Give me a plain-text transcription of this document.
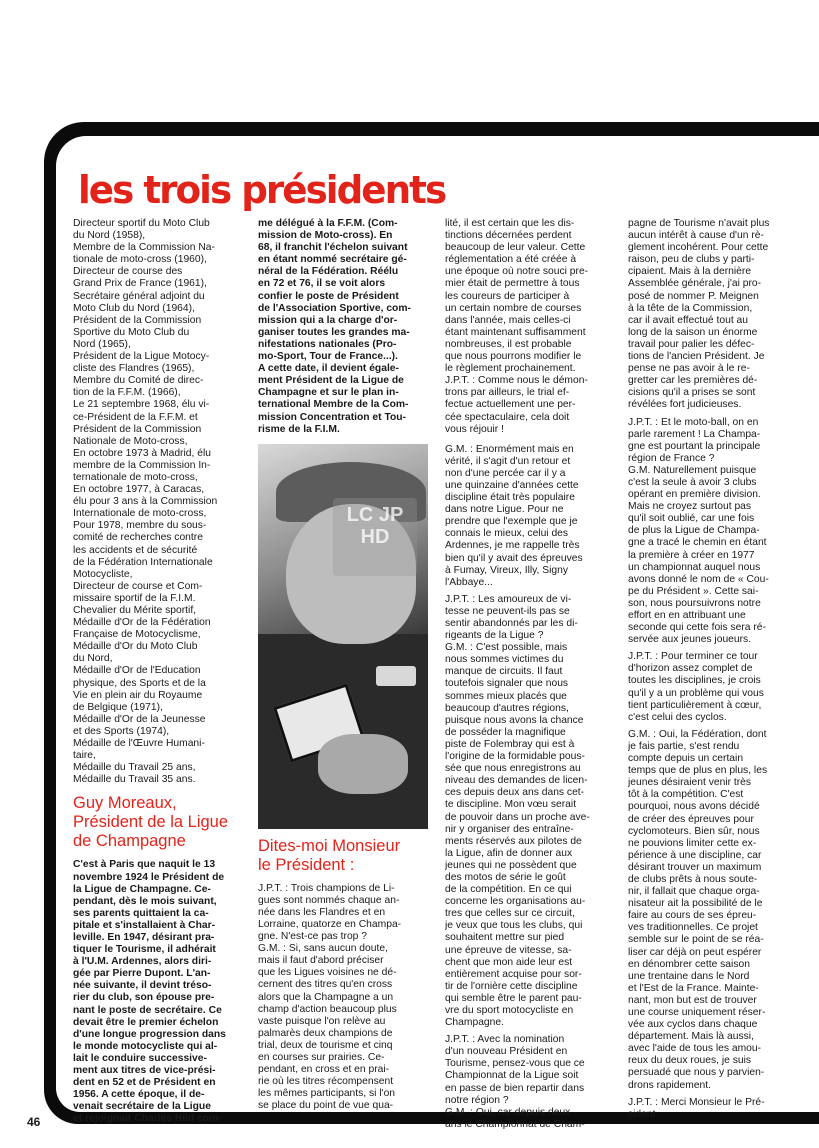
les trois présidents
Directeur sportif du Moto Club
du Nord (1958),
Membre de la Commission Na-
tionale de moto-cross (1960),
Directeur de course des
Grand Prix de France (1961),
Secrétaire général adjoint du
Moto Club du Nord (1964),
Président de la Commission
Sportive du Moto Club du
Nord (1965),
Président de la Ligue Motocy-
cliste des Flandres (1965),
Membre du Comité de direc-
tion de la F.F.M. (1966),
Le 21 septembre 1968, élu vi-
ce-Président de la F.F.M. et
Président de la Commission
Nationale de Moto-cross,
En octobre 1973 à Madrid, élu
membre de la Commission In-
ternationale de moto-cross,
En octobre 1977, à Caracas,
élu pour 3 ans à la Commission
Internationale de moto-cross,
Pour 1978, membre du sous-
comité de recherches contre
les accidents et de sécurité
de la Fédération Internationale
Motocycliste,
Directeur de course et Com-
missaire sportif de la F.I.M.
Chevalier du Mérite sportif,
Médaille d'Or de la Fédération
Française de Motocyclisme,
Médaille d'Or du Moto Club
du Nord,
Médaille d'Or de l'Education
physique, des Sports et de la
Vie en plein air du Royaume
de Belgique (1971),
Médaille d'Or de la Jeunesse
et des Sports (1974),
Médaille de l'Œuvre Humani-
taire,
Médaille du Travail 25 ans,
Médaille du Travail 35 ans.
Guy Moreaux,
Président de la Ligue
de Champagne
C'est à Paris que naquit le 13
novembre 1924 le Président de
la Ligue de Champagne. Ce-
pendant, dès le mois suivant,
ses parents quittaient la ca-
pitale et s'installaient à Char-
leville. En 1947, désirant pra-
tiquer le Tourisme, il adhérait
à l'U.M. Ardennes, alors diri-
gée par Pierre Dupont. L'an-
née suivante, il devint tréso-
rier du club, son épouse pre-
nant le poste de secrétaire. Ce
devait être le premier échelon
d'une longue progression dans
le monde motocycliste qui al-
lait le conduire successive-
ment aux titres de vice-prési-
dent en 52 et de Président en
1956. A cette époque, il de-
venait secrétaire de la Ligue
et rejoignait Charles Hild com-
me délégué à la F.F.M. (Com-
mission de Moto-cross). En
68, il franchit l'échelon suivant
en étant nommé secrétaire gé-
néral de la Fédération. Réélu
en 72 et 76, il se voit alors
confier le poste de Président
de l'Association Sportive, com-
mission qui a la charge d'or-
ganiser toutes les grandes ma-
nifestations nationales (Pro-
mo-Sport, Tour de France...).
A cette date, il devient égale-
ment Président de la Ligue de
Champagne et sur le plan in-
ternational Membre de la Com-
mission Concentration et Tou-
risme de la F.I.M.
Dites-moi Monsieur
le Président :
J.P.T. : Trois champions de Li-
gues sont nommés chaque an-
née dans les Flandres et en
Lorraine, quatorze en Champa-
gne. N'est-ce pas trop ?
G.M. : Si, sans aucun doute,
mais il faut d'abord préciser
que les Ligues voisines ne dé-
cernent des titres qu'en cross
alors que la Champagne a un
champ d'action beaucoup plus
vaste puisque l'on relève au
palmarès deux champions de
trial, deux de tourisme et cinq
en courses sur prairies. Ce-
pendant, en cross et en prai-
rie où les titres récompensent
les mêmes participants, si l'on
se place du point de vue qua-
lité, il est certain que les dis-
tinctions décernées perdent
beaucoup de leur valeur. Cette
réglementation a été créée à
une époque où notre souci pre-
mier était de permettre à tous
les coureurs de participer à
un certain nombre de courses
dans l'année, mais celles-ci
étant maintenant suffisamment
nombreuses, il est probable
que nous pourrons modifier le
le règlement prochainement.
J.P.T. : Comme nous le démon-
trons par ailleurs, le trial ef-
fectue actuellement une per-
cée spectaculaire, cela doit
vous réjouir !
G.M. : Enormément mais en
vérité, il s'agit d'un retour et
non d'une percée car il y a
une quinzaine d'années cette
discipline était très populaire
dans notre Ligue. Pour ne
prendre que l'exemple que je
connais le mieux, celui des
Ardennes, je me rappelle très
bien qu'il y avait des épreuves
à Fumay, Vireux, Illy, Signy
l'Abbaye...
J.P.T. : Les amoureux de vi-
tesse ne peuvent-ils pas se
sentir abandonnés par les di-
rigeants de la Ligue ?
G.M. : C'est possible, mais
nous sommes victimes du
manque de circuits. Il faut
toutefois signaler que nous
sommes mieux placés que
beaucoup d'autres régions,
puisque nous avons la chance
de posséder la magnifique
piste de Folembray qui est à
l'origine de la formidable pous-
sée que nous enregistrons au
niveau des demandes de licen-
ces depuis deux ans dans cet-
te discipline. Mon vœu serait
de pouvoir dans un proche ave-
nir y organiser des entraîne-
ments réservés aux pilotes de
la Ligue, afin de donner aux
jeunes qui ne possèdent que
des motos de série le goût
de la compétition. En ce qui
concerne les organisations au-
tres que celles sur ce circuit,
je veux que tous les clubs, qui
souhaitent mettre sur pied
une épreuve de vitesse, sa-
chent que mon aide leur est
entièrement acquise pour sor-
tir de l'ornière cette discipline
qui semble être le parent pau-
vre du sport motocycliste en
Champagne.
J.P.T. : Avec la nomination
d'un nouveau Président en
Tourisme, pensez-vous que ce
Championnat de la Ligue soit
en passe de bien repartir dans
notre région ?
G.M. : Oui, car depuis deux
ans le Championnat de Cham-
pagne de Tourisme n'avait plus
aucun intérêt à cause d'un rè-
glement incohérent. Pour cette
raison, peu de clubs y parti-
cipaient. Mais à la dernière
Assemblée générale, j'ai pro-
posé de nommer P. Meignen
à la tête de la Commission,
car il avait effectué tout au
long de la saison un énorme
travail pour palier les défec-
tions de l'ancien Président. Je
pense ne pas avoir à le re-
gretter car les premières dé-
cisions qu'il a prises se sont
révélées fort judicieuses.
J.P.T. : Et le moto-ball, on en
parle rarement ! La Champa-
gne est pourtant la principale
région de France ?
G.M. Naturellement puisque
c'est la seule à avoir 3 clubs
opérant en première division.
Mais ne croyez surtout pas
qu'il soit oublié, car une fois
de plus la Ligue de Champa-
gne a tracé le chemin en étant
la première à créer en 1977
un championnat auquel nous
avons donné le nom de « Cou-
pe du Président ». Cette sai-
son, nous poursuivrons notre
effort en en attribuant une
seconde qui cette fois sera ré-
servée aux jeunes joueurs.
J.P.T. : Pour terminer ce tour
d'horizon assez complet de
toutes les disciplines, je crois
qu'il y a un problème qui vous
tient particulièrement à cœur,
c'est celui des cyclos.
G.M. : Oui, la Fédération, dont
je fais partie, s'est rendu
compte depuis un certain
temps que de plus en plus, les
jeunes désiraient venir très
tôt à la compétition. C'est
pourquoi, nous avons décidé
de créer des épreuves pour
cyclomoteurs. Bien sûr, nous
ne pouvions limiter cette ex-
périence à une discipline, car
désirant trouver un maximum
de clubs prêts à nous soute-
nir, il fallait que chaque orga-
nisateur ait la possibilité de le
faire au cours de ses épreu-
ves traditionnelles. Ce projet
semble sur le point de se réa-
liser car déjà on peut espérer
en dénombrer cette saison
une trentaine dans le Nord
et l'Est de la France. Mainte-
nant, mon but est de trouver
une course uniquement réser-
vée aux cyclos dans chaque
département. Mais là aussi,
avec l'aide de tous les amou-
reux du deux roues, je suis
persuadé que nous y parvien-
drons rapidement.
J.P.T. : Merci Monsieur le Pré-
sident.
LC JP HD
46
